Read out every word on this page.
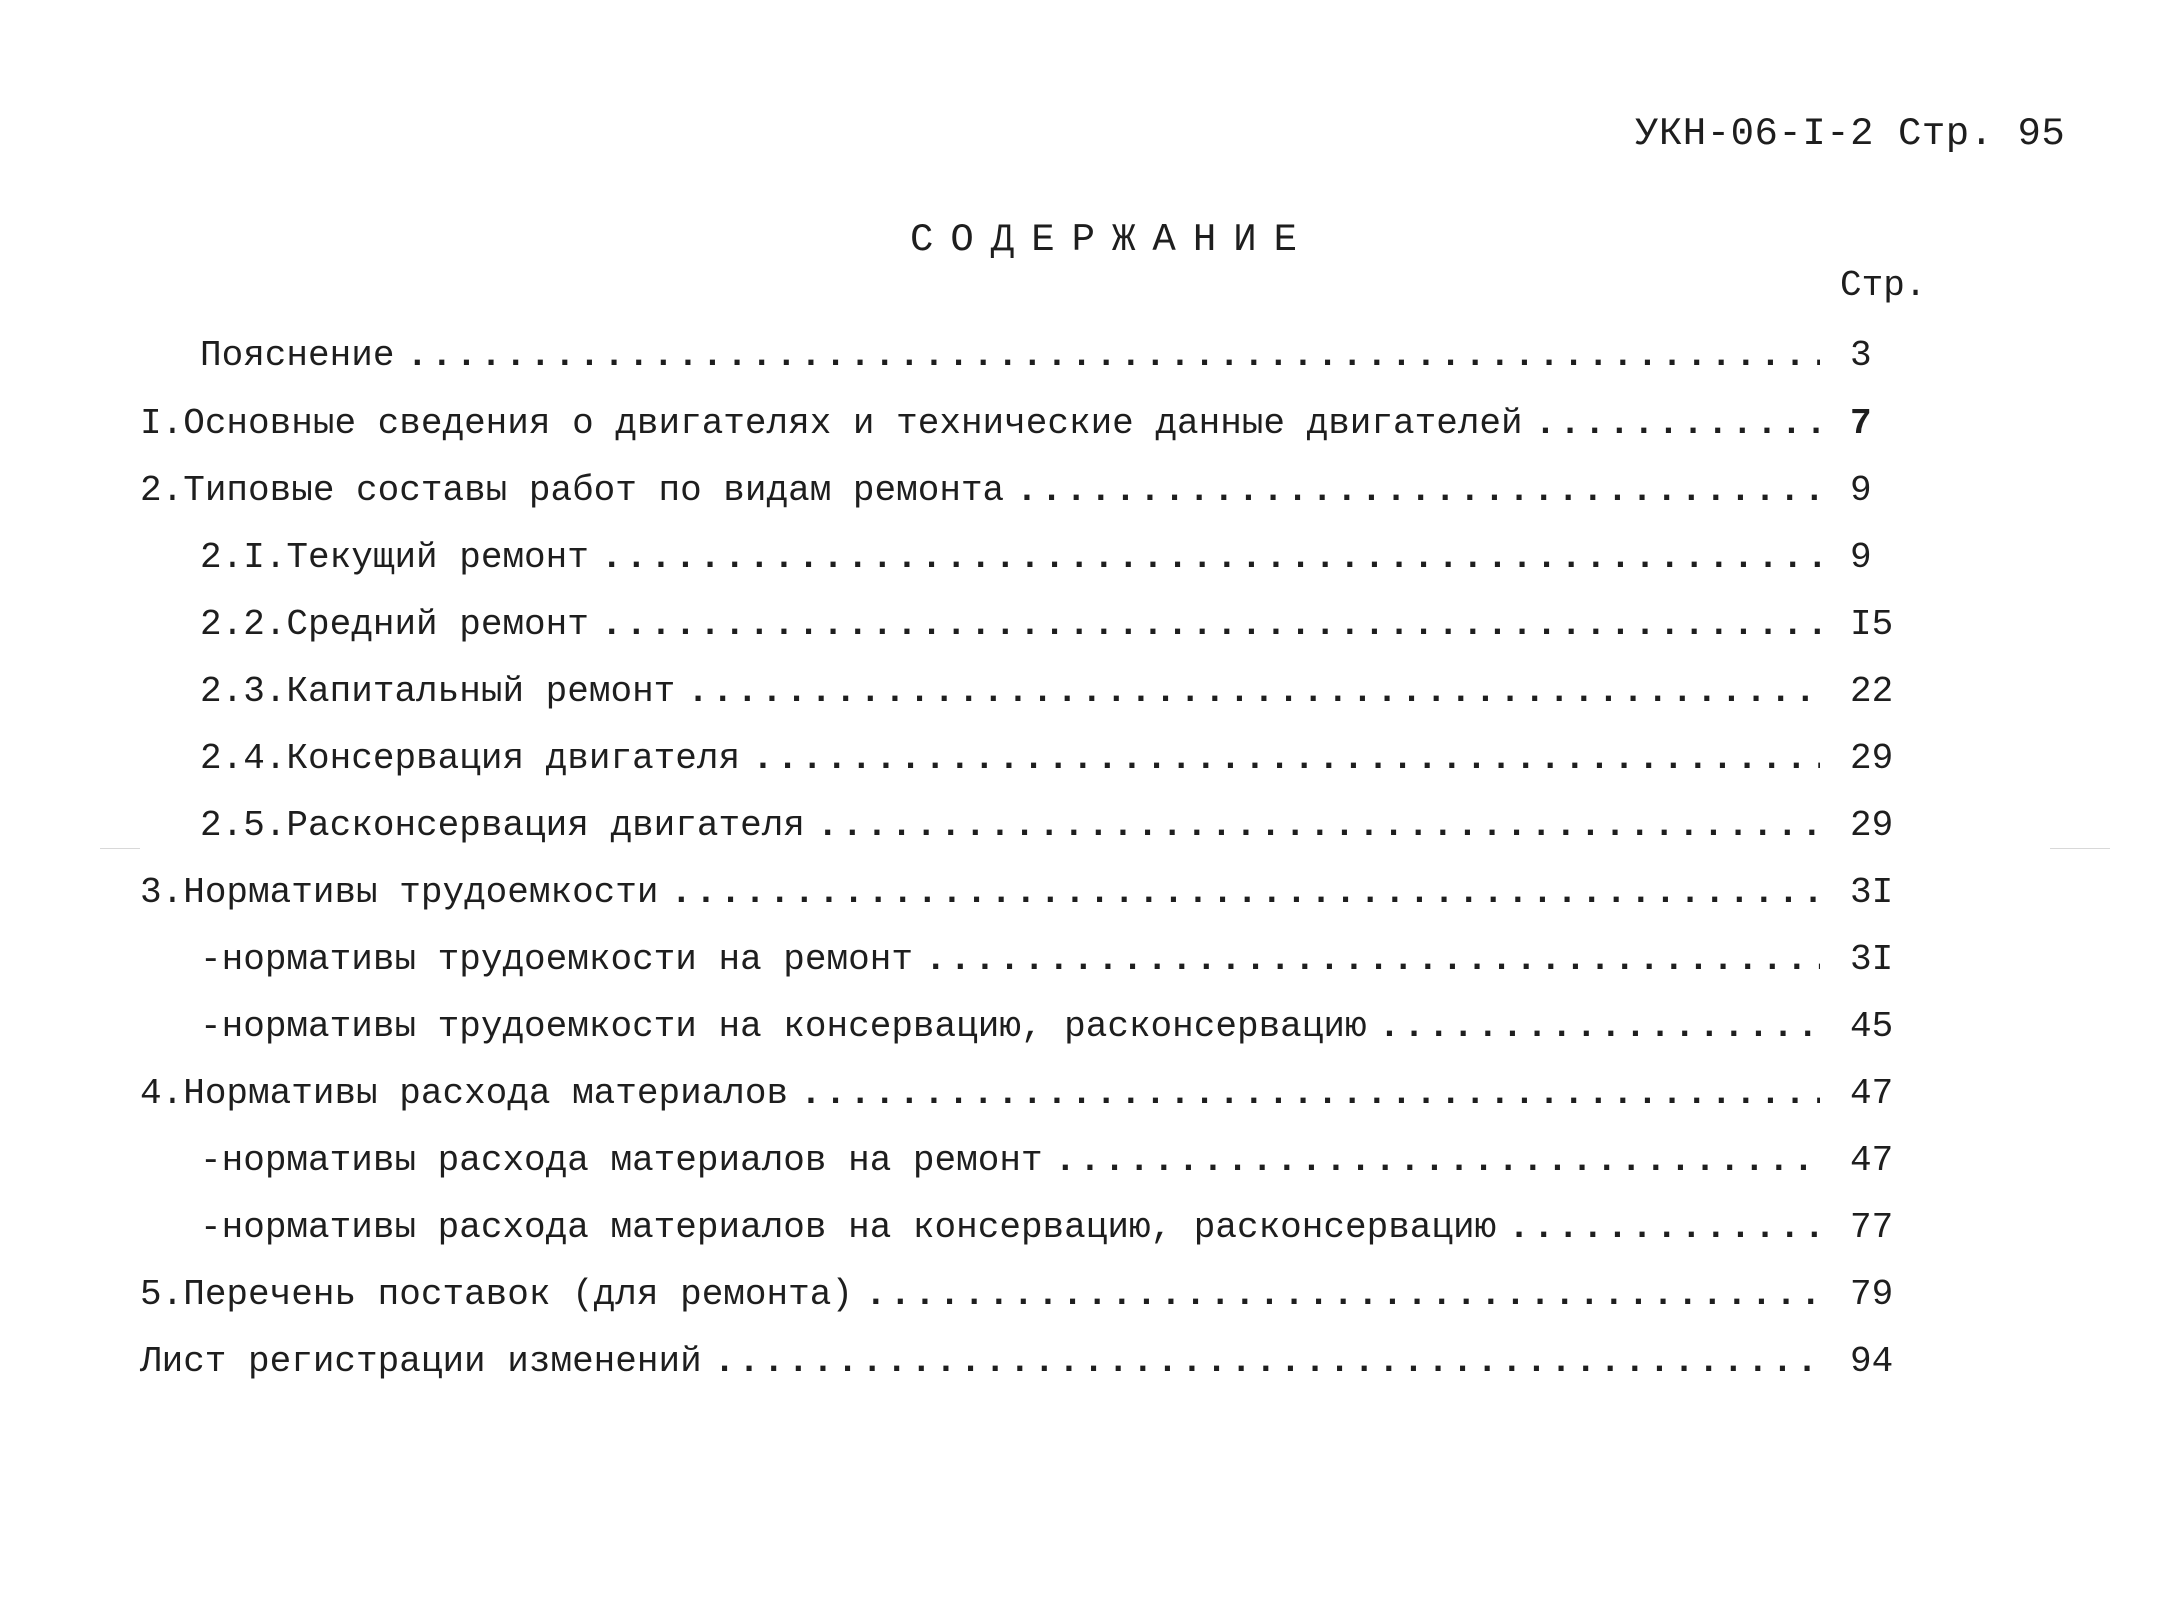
УКН-06-I-2 Стр. 95
СОДЕРЖАНИЕ
Стр.
Пояснение .....	3
I. Основные сведения о двигателях и технические данные двигателей .....	7
2. Типовые составы работ по видам ремонта .....	9
2.I. Текущий ремонт .....	9
2.2. Средний ремонт .....	I5
2.3. Капитальный ремонт .....	22
2.4. Консервация двигателя .....	29
2.5. Расконсервация двигателя .....	29
3. Нормативы трудоемкости .....	3I
- нормативы трудоемкости на ремонт .....	3I
- нормативы трудоемкости на консервацию, расконсервацию .....	45
4. Нормативы расхода материалов .....	47
- нормативы расхода материалов на ремонт .....	47
- нормативы расхода материалов на консервацию, расконсервацию .....	77
5. Перечень поставок (для ремонта) .....	79
Лист регистрации изменений .....	94
